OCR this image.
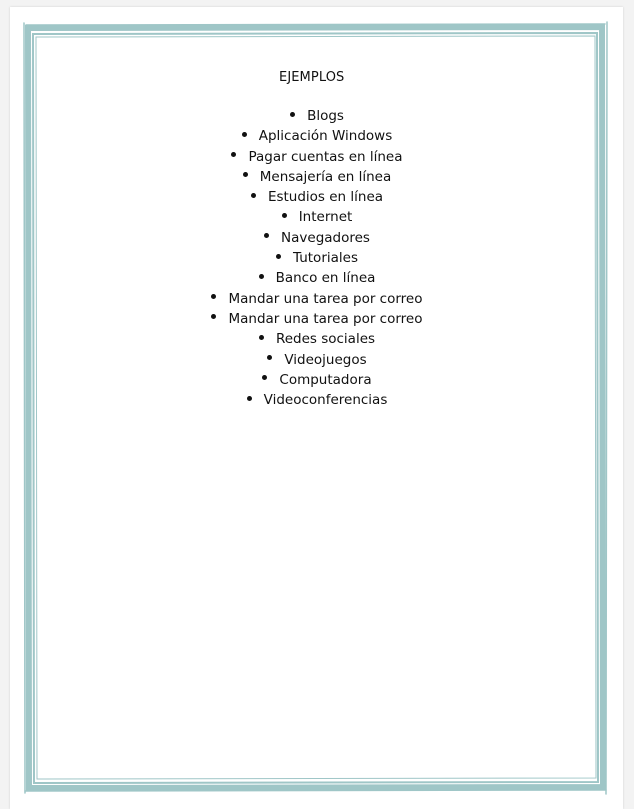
EJEMPLOS
Blogs
Aplicación Windows
Pagar cuentas en línea
Mensajería en línea
Estudios en línea
Internet
Navegadores
Tutoriales
Banco en línea
Mandar una tarea por correo
Mandar una tarea por correo
Redes sociales
Videojuegos
Computadora
Videoconferencias
